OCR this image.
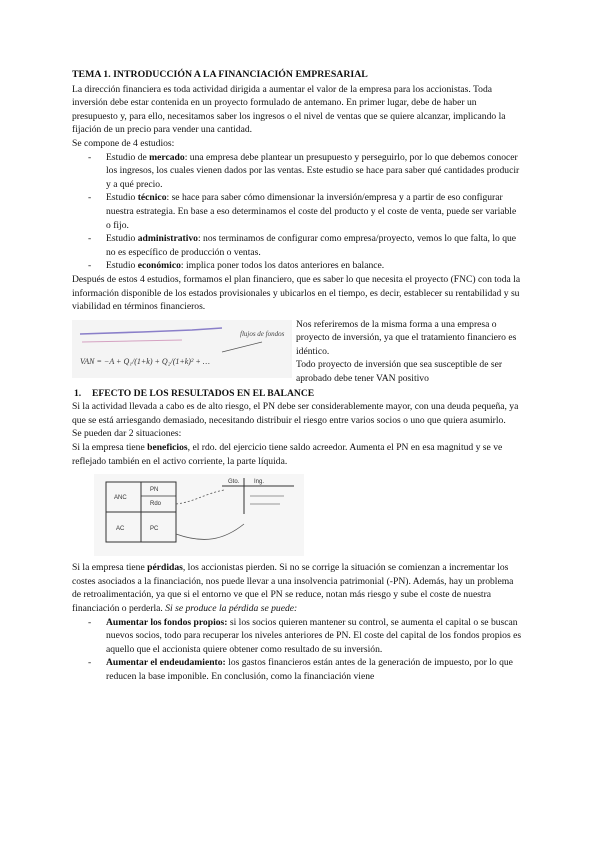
TEMA 1. INTRODUCCIÓN A LA FINANCIACIÓN EMPRESARIAL

La dirección financiera es toda actividad dirigida a aumentar el valor de la empresa para los accionistas. Toda inversión debe estar contenida en un proyecto formulado de antemano. En primer lugar, debe de haber un presupuesto y, para ello, necesitamos saber los ingresos o el nivel de ventas que se quiere alcanzar, implicando la fijación de un precio para vender una cantidad.

Se compone de 4 estudios:

- Estudio de mercado: una empresa debe plantear un presupuesto y perseguirlo, por lo que debemos conocer los ingresos, los cuales vienen dados por las ventas. Este estudio se hace para saber qué cantidades producir y a qué precio.
- Estudio técnico: se hace para saber cómo dimensionar la inversión/empresa y a partir de eso configurar nuestra estrategia. En base a eso determinamos el coste del producto y el coste de venta, puede ser variable o fijo.
- Estudio administrativo: nos terminamos de configurar como empresa/proyecto, vemos lo que falta, lo que no es específico de producción o ventas.
- Estudio económico: implica poner todos los datos anteriores en balance.

Después de estos 4 estudios, formamos el plan financiero, que es saber lo que necesita el proyecto (FNC) con toda la información disponible de los estados provisionales y ubicarlos en el tiempo, es decir, establecer su rentabilidad y su viabilidad en términos financieros.

VAN = −A + Q₁/(1+k) + Q₂/(1+k)² + …
flujos de fondos

Nos referiremos de la misma forma a una empresa o proyecto de inversión, ya que el tratamiento financiero es idéntico.

Todo proyecto de inversión que sea susceptible de ser aprobado debe tener VAN positivo

1. EFECTO DE LOS RESULTADOS EN EL BALANCE

Si la actividad llevada a cabo es de alto riesgo, el PN debe ser considerablemente mayor, con una deuda pequeña, ya que se está arriesgando demasiado, necesitando distribuir el riesgo entre varios socios o uno que quiera asumirlo.

Se pueden dar 2 situaciones:

Si la empresa tiene beneficios, el rdo. del ejercicio tiene saldo acreedor. Aumenta el PN en esa magnitud y se ve reflejado también en el activo corriente, la parte líquida.

PN
Rdo
PC
ANC
AC
Gto. Ing.

Si la empresa tiene pérdidas, los accionistas pierden. Si no se corrige la situación se comienzan a incrementar los costes asociados a la financiación, nos puede llevar a una insolvencia patrimonial (-PN). Además, hay un problema de retroalimentación, ya que si el entorno ve que el PN se reduce, notan más riesgo y sube el coste de nuestra financiación o perderla. Si se produce la pérdida se puede:

- Aumentar los fondos propios: si los socios quieren mantener su control, se aumenta el capital o se buscan nuevos socios, todo para recuperar los niveles anteriores de PN. El coste del capital de los fondos propios es aquello que el accionista quiere obtener como resultado de su inversión.
- Aumentar el endeudamiento: los gastos financieros están antes de la generación de impuesto, por lo que reducen la base imponible. En conclusión, como la financiación viene
